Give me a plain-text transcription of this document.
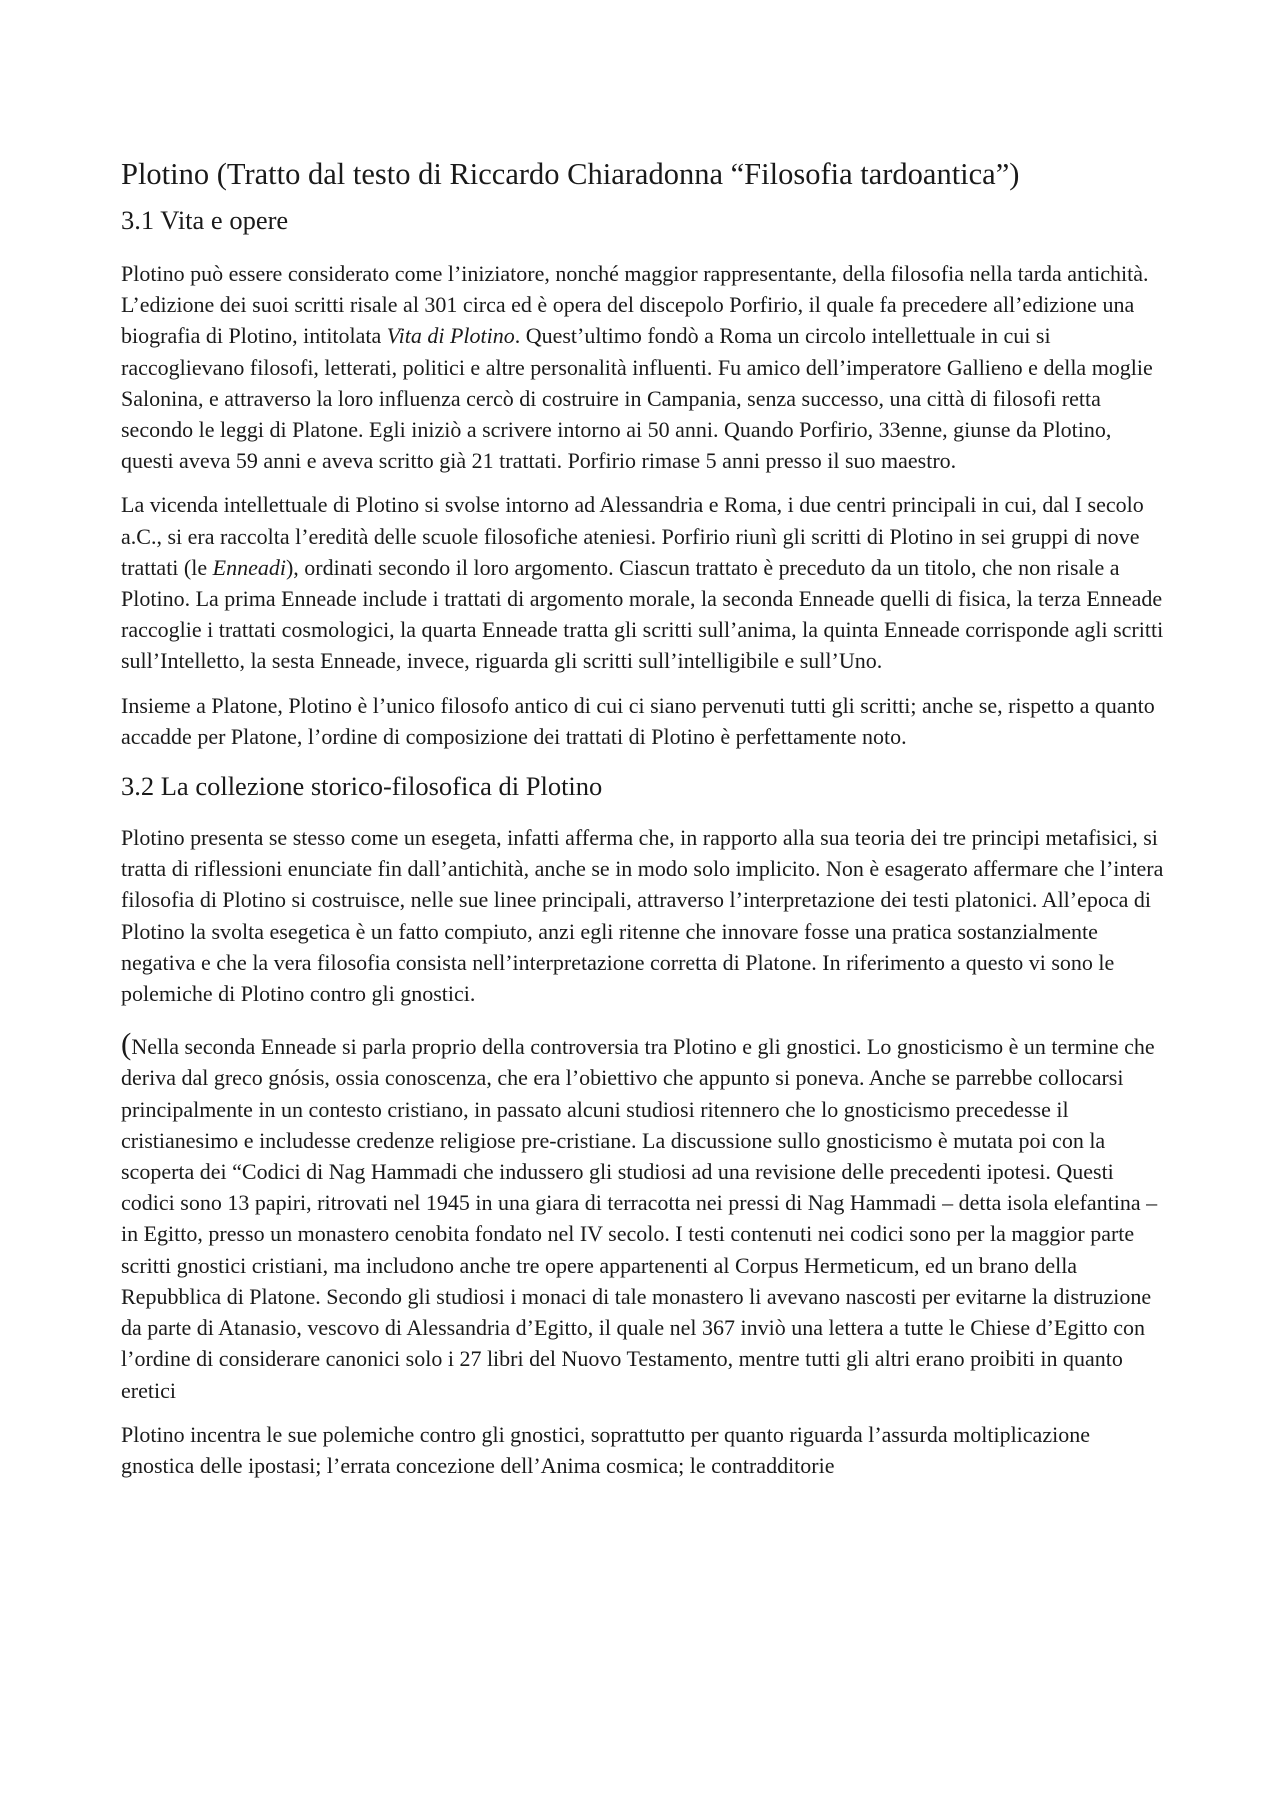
Plotino (Tratto dal testo di Riccardo Chiaradonna “Filosofia tardoantica”)
3.1 Vita e opere

Plotino può essere considerato come l’iniziatore, nonché maggior rappresentante, della filosofia nella tarda antichità. L’edizione dei suoi scritti risale al 301 circa ed è opera del discepolo Porfirio, il quale fa precedere all’edizione una biografia di Plotino, intitolata Vita di Plotino. Quest’ultimo fondò a Roma un circolo intellettuale in cui si raccoglievano filosofi, letterati, politici e altre personalità influenti. Fu amico dell’imperatore Gallieno e della moglie Salonina, e attraverso la loro influenza cercò di costruire in Campania, senza successo, una città di filosofi retta secondo le leggi di Platone. Egli iniziò a scrivere intorno ai 50 anni. Quando Porfirio, 33enne, giunse da Plotino, questi aveva 59 anni e aveva scritto già 21 trattati. Porfirio rimase 5 anni presso il suo maestro.

La vicenda intellettuale di Plotino si svolse intorno ad Alessandria e Roma, i due centri principali in cui, dal I secolo a.C., si era raccolta l’eredità delle scuole filosofiche ateniesi. Porfirio riunì gli scritti di Plotino in sei gruppi di nove trattati (le Enneadi), ordinati secondo il loro argomento. Ciascun trattato è preceduto da un titolo, che non risale a Plotino. La prima Enneade include i trattati di argomento morale, la seconda Enneade quelli di fisica, la terza Enneade raccoglie i trattati cosmologici, la quarta Enneade tratta gli scritti sull’anima, la quinta Enneade corrisponde agli scritti sull’Intelletto, la sesta Enneade, invece, riguarda gli scritti sull’intelligibile e sull’Uno.

Insieme a Platone, Plotino è l’unico filosofo antico di cui ci siano pervenuti tutti gli scritti; anche se, rispetto a quanto accadde per Platone, l’ordine di composizione dei trattati di Plotino è perfettamente noto.

3.2 La collezione storico-filosofica di Plotino

Plotino presenta se stesso come un esegeta, infatti afferma che, in rapporto alla sua teoria dei tre principi metafisici, si tratta di riflessioni enunciate fin dall’antichità, anche se in modo solo implicito. Non è esagerato affermare che l’intera filosofia di Plotino si costruisce, nelle sue linee principali, attraverso l’interpretazione dei testi platonici. All’epoca di Plotino la svolta esegetica è un fatto compiuto, anzi egli ritenne che innovare fosse una pratica sostanzialmente negativa e che la vera filosofia consista nell’interpretazione corretta di Platone. In riferimento a questo vi sono le polemiche di Plotino contro gli gnostici.

(Nella seconda Enneade si parla proprio della controversia tra Plotino e gli gnostici. Lo gnosticismo è un termine che deriva dal greco gnósis, ossia conoscenza, che era l’obiettivo che appunto si poneva. Anche se parrebbe collocarsi principalmente in un contesto cristiano, in passato alcuni studiosi ritennero che lo gnosticismo precedesse il cristianesimo e includesse credenze religiose pre-cristiane. La discussione sullo gnosticismo è mutata poi con la scoperta dei “Codici di Nag Hammadi che indussero gli studiosi ad una revisione delle precedenti ipotesi. Questi codici sono 13 papiri, ritrovati nel 1945 in una giara di terracotta nei pressi di Nag Hammadi – detta isola elefantina – in Egitto, presso un monastero cenobita fondato nel IV secolo. I testi contenuti nei codici sono per la maggior parte scritti gnostici cristiani, ma includono anche tre opere appartenenti al Corpus Hermeticum, ed un brano della Repubblica di Platone. Secondo gli studiosi i monaci di tale monastero li avevano nascosti per evitarne la distruzione da parte di Atanasio, vescovo di Alessandria d’Egitto, il quale nel 367 inviò una lettera a tutte le Chiese d’Egitto con l’ordine di considerare canonici solo i 27 libri del Nuovo Testamento, mentre tutti gli altri erano proibiti in quanto eretici

Plotino incentra le sue polemiche contro gli gnostici, soprattutto per quanto riguarda l’assurda moltiplicazione gnostica delle ipostasi; l’errata concezione dell’Anima cosmica; le contradditorie
